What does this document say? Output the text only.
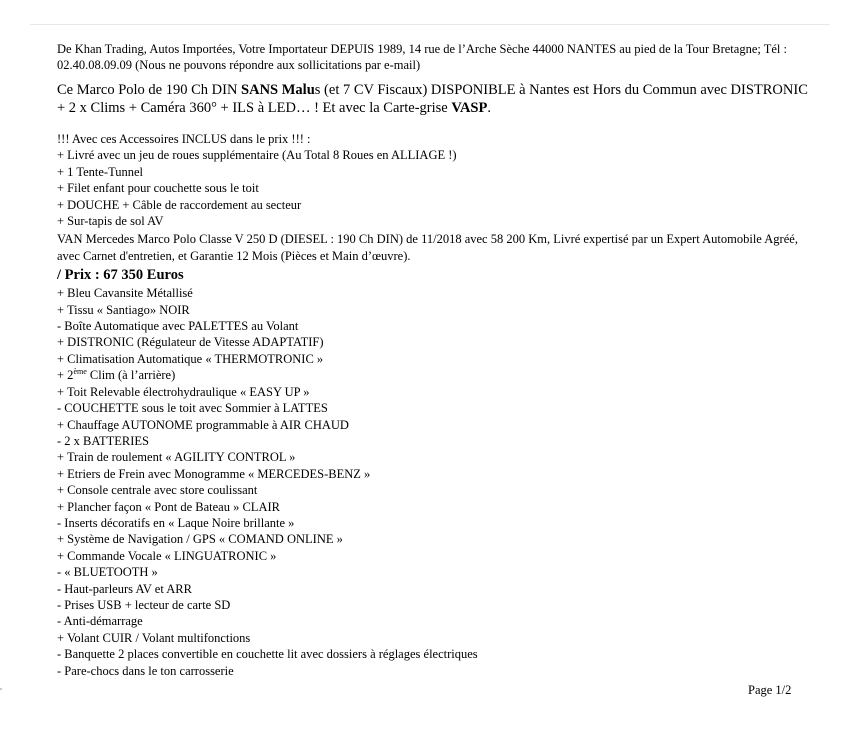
De Khan Trading, Autos Importées, Votre Importateur DEPUIS 1989, 14 rue de l’Arche Sèche 44000 NANTES au pied de la Tour Bretagne; Tél : 02.40.08.09.09 (Nous ne pouvons répondre aux sollicitations par e-mail)

Ce Marco Polo de 190 Ch DIN SANS Malus (et 7 CV Fiscaux) DISPONIBLE à Nantes est Hors du Commun avec DISTRONIC + 2 x Clims + Caméra 360° + ILS à LED… ! Et avec la Carte-grise VASP.

!!! Avec ces Accessoires INCLUS dans le prix !!! :

+ Livré avec un jeu de roues supplémentaire (Au Total 8 Roues en ALLIAGE !)
+ 1 Tente-Tunnel
+ Filet enfant pour couchette sous le toit
+ DOUCHE + Câble de raccordement au secteur
+ Sur-tapis de sol AV

VAN Mercedes Marco Polo Classe V 250 D (DIESEL : 190 Ch DIN) de 11/2018 avec 58 200 Km, Livré expertisé par un Expert Automobile Agréé, avec Carnet d'entretien, et Garantie 12 Mois (Pièces et Main d’œuvre).

/ Prix : 67 350 Euros

+ Bleu Cavansite Métallisé
+ Tissu « Santiago» NOIR
- Boîte Automatique avec PALETTES au Volant
+ DISTRONIC (Régulateur de Vitesse ADAPTATIF)
+ Climatisation Automatique « THERMOTRONIC »
+ 2ème Clim (à l’arrière)
+ Toit Relevable électrohydraulique « EASY UP »
- COUCHETTE sous le toit avec Sommier à LATTES
+ Chauffage AUTONOME programmable à AIR CHAUD
- 2 x BATTERIES
+ Train de roulement « AGILITY CONTROL »
+ Etriers de Frein avec Monogramme « MERCEDES-BENZ »
+ Console centrale avec store coulissant
+ Plancher façon « Pont de Bateau » CLAIR
- Inserts décoratifs en « Laque Noire brillante »
+ Système de Navigation / GPS « COMAND ONLINE »
+ Commande Vocale « LINGUATRONIC »
- « BLUETOOTH »
- Haut-parleurs AV et ARR
- Prises USB + lecteur de carte SD
- Anti-démarrage
+ Volant CUIR / Volant multifonctions
- Banquette 2 places convertible en couchette lit avec dossiers à réglages électriques
- Pare-chocs dans le ton carrosserie
Page 1/2
